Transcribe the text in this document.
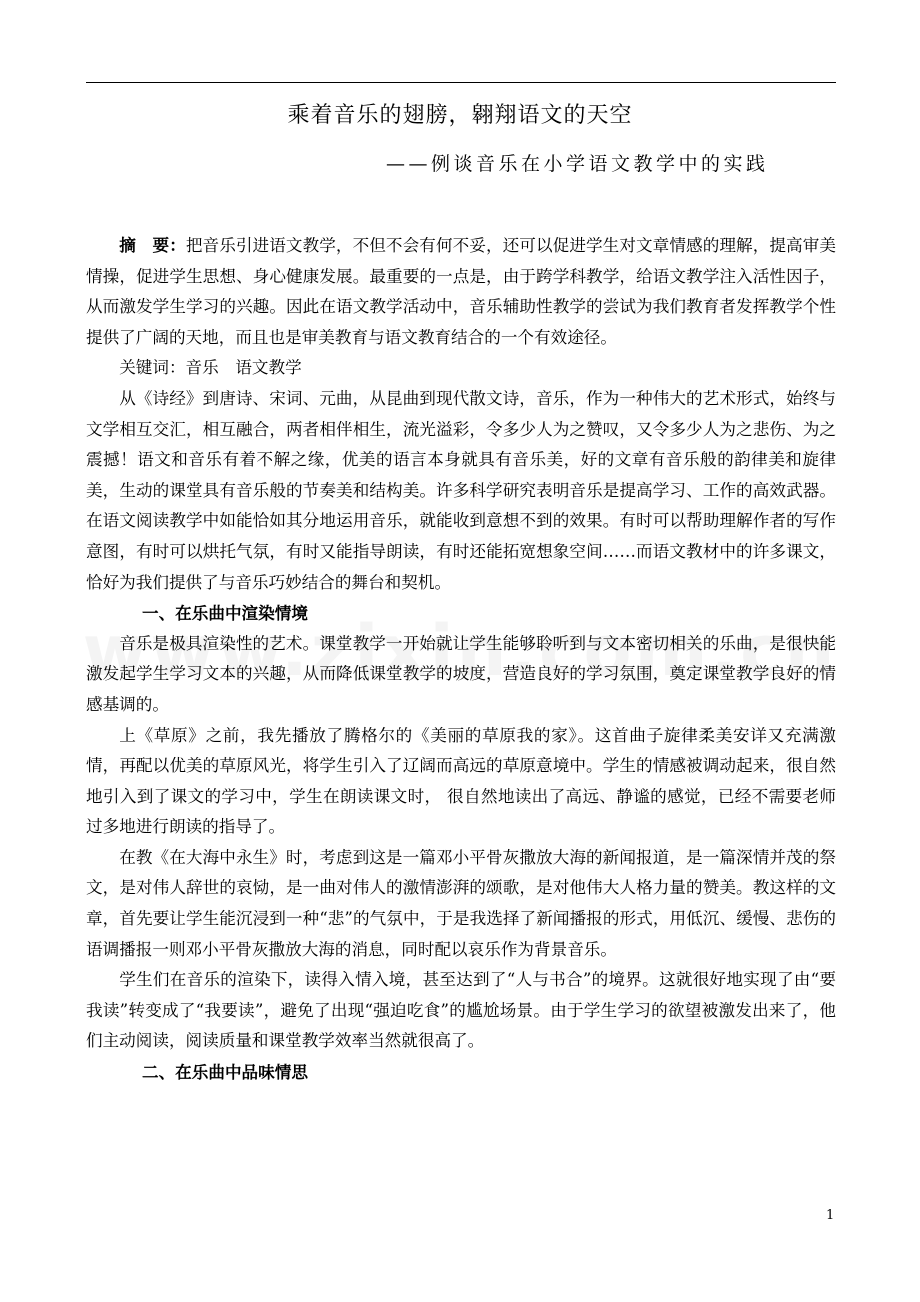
乘着音乐的翅膀，翱翔语文的天空
——例谈音乐在小学语文教学中的实践

摘　要：把音乐引进语文教学，不但不会有何不妥，还可以促进学生对文章情感的理解，提高审美情操，促进学生思想、身心健康发展。最重要的一点是，由于跨学科教学，给语文教学注入活性因子，从而激发学生学习的兴趣。因此在语文教学活动中，音乐辅助性教学的尝试为我们教育者发挥教学个性提供了广阔的天地，而且也是审美教育与语文教育结合的一个有效途径。

关键词：音乐　语文教学

从《诗经》到唐诗、宋词、元曲，从昆曲到现代散文诗，音乐，作为一种伟大的艺术形式，始终与文学相互交汇，相互融合，两者相伴相生，流光溢彩，令多少人为之赞叹，又令多少人为之悲伤、为之震撼！语文和音乐有着不解之缘，优美的语言本身就具有音乐美，好的文章有音乐般的韵律美和旋律美，生动的课堂具有音乐般的节奏美和结构美。许多科学研究表明音乐是提高学习、工作的高效武器。在语文阅读教学中如能恰如其分地运用音乐，就能收到意想不到的效果。有时可以帮助理解作者的写作意图，有时可以烘托气氛，有时又能指导朗读，有时还能拓宽想象空间……而语文教材中的许多课文，恰好为我们提供了与音乐巧妙结合的舞台和契机。

一、在乐曲中渲染情境

音乐是极具渲染性的艺术。课堂教学一开始就让学生能够聆听到与文本密切相关的乐曲，是很快能激发起学生学习文本的兴趣，从而降低课堂教学的坡度，营造良好的学习氛围，奠定课堂教学良好的情感基调的。

上《草原》之前，我先播放了腾格尔的《美丽的草原我的家》。这首曲子旋律柔美安详又充满激情，再配以优美的草原风光，将学生引入了辽阔而高远的草原意境中。学生的情感被调动起来，很自然地引入到了课文的学习中，学生在朗读课文时， 很自然地读出了高远、静谧的感觉，已经不需要老师过多地进行朗读的指导了。

在教《在大海中永生》时，考虑到这是一篇邓小平骨灰撒放大海的新闻报道，是一篇深情并茂的祭文，是对伟人辞世的哀恸，是一曲对伟人的激情澎湃的颂歌，是对他伟大人格力量的赞美。教这样的文章，首先要让学生能沉浸到一种“悲”的气氛中，于是我选择了新闻播报的形式，用低沉、缓慢、悲伤的语调播报一则邓小平骨灰撒放大海的消息，同时配以哀乐作为背景音乐。

学生们在音乐的渲染下，读得入情入境，甚至达到了“人与书合”的境界。这就很好地实现了由“要我读”转变成了“我要读”，避免了出现“强迫吃食”的尴尬场景。由于学生学习的欲望被激发出来了，他们主动阅读，阅读质量和课堂教学效率当然就很高了。

二、在乐曲中品味情思

1
